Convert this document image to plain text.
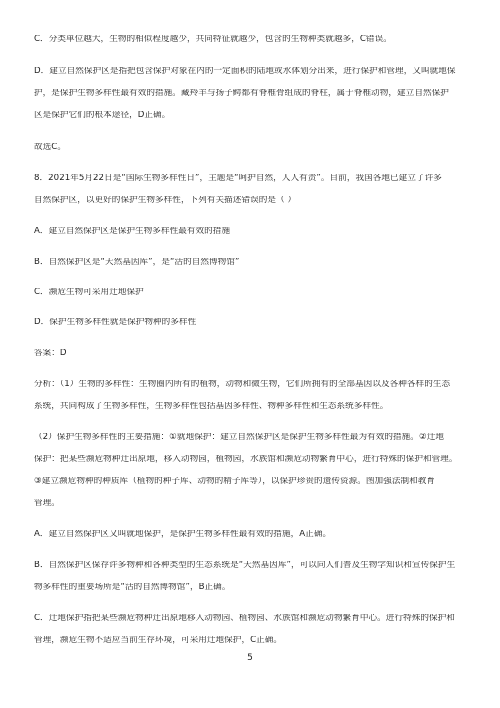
C．分类单位越大，生物的相似程度越少，共同特征就越少，包含的生物种类就越多，C错误。
D．建立自然保护区是指把包含保护对象在内的一定面积的陆地或水体划分出来，进行保护和管理，又叫就地保
护，是保护生物多样性最有效的措施。藏羚羊与扬子鳄都有脊椎骨组成的脊柱，属于脊椎动物，建立自然保护
区是保护它们的根本途径，D正确。
故选C。
8．2021年5月22日是“国际生物多样性日”，主题是“呵护自然，人人有责”。目前，我国各地已建立了许多
自然保护区，以更好的保护生物多样性，下列有关描述错误的是（ ）
A．建立自然保护区是保护生物多样性最有效的措施
B．自然保护区是“天然基因库”，是“活的自然博物馆”
C．濒危生物可采用迁地保护
D．保护生物多样性就是保护物种的多样性
答案：D
分析：（1）生物的多样性：生物圈内所有的植物，动物和微生物，它们所拥有的全部基因以及各种各样的生态
系统，共同构成了生物多样性，生物多样性包括基因多样性、物种多样性和生态系统多样性。
（2）保护生物多样性的主要措施：①就地保护：建立自然保护区是保护生物多样性最为有效的措施。②迁地
保护：把某些濒危物种迁出原地，移入动物园，植物园，水族馆和濒危动物繁育中心，进行特殊的保护和管理。
③建立濒危物种的种质库（植物的种子库、动物的精子库等），以保护珍贵的遗传资源。图加强法制和教育
管理。
A．建立自然保护区又叫就地保护，是保护生物多样性最有效的措施，A正确。
B．自然保护区保存许多物种和各种类型的生态系统是“天然基因库”，可以向人们普及生物学知识和宣传保护生
物多样性的重要场所是“活的自然博物馆”，B正确。
C．迁地保护指把某些濒危物种迁出原地移入动物园、植物园、水族馆和濒危动物繁育中心。进行特殊的保护和
管理，濒危生物不适应当前生存环境，可采用迁地保护，C正确。
5
